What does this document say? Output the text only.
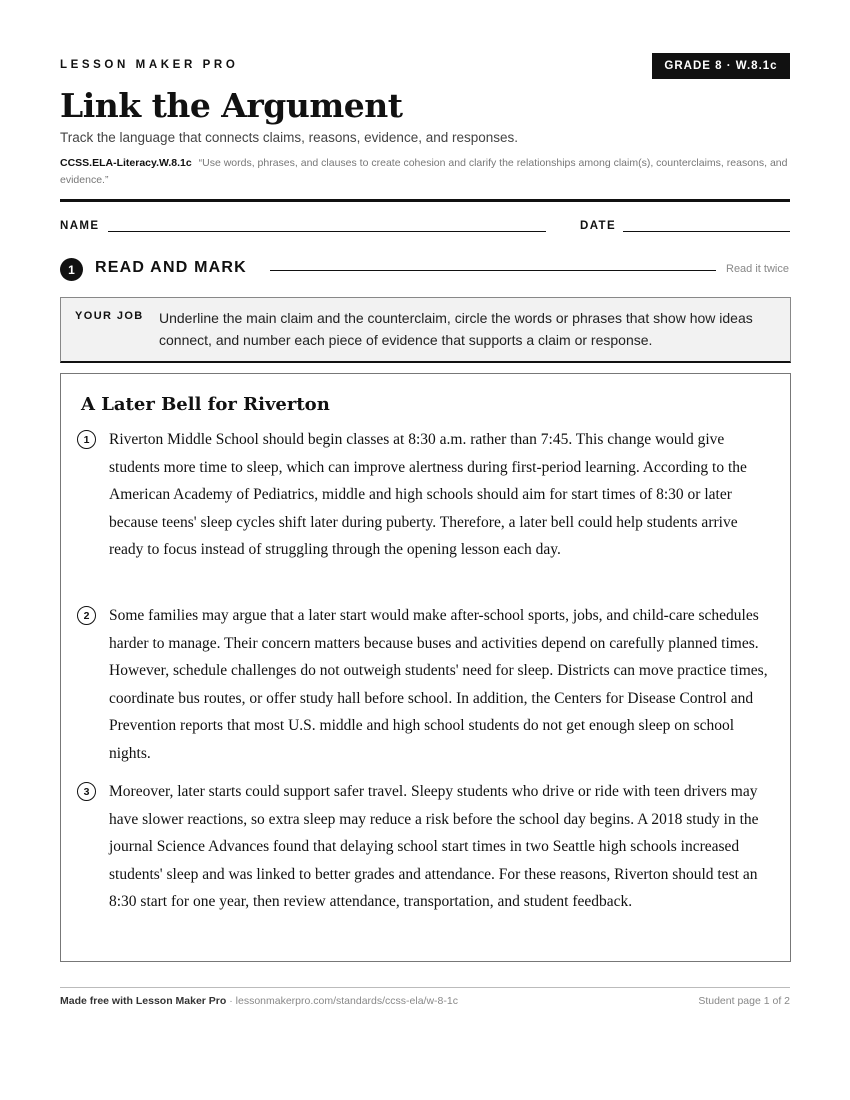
LESSON MAKER PRO	GRADE 8 · W.8.1c
Link the Argument
Track the language that connects claims, reasons, evidence, and responses.
CCSS.ELA-Literacy.W.8.1c “Use words, phrases, and clauses to create cohesion and clarify the relationships among claim(s), counterclaims, reasons, and evidence.”
NAME	DATE
1	READ AND MARK	Read it twice
YOUR JOB Underline the main claim and the counterclaim, circle the words or phrases that show how ideas connect, and number each piece of evidence that supports a claim or response.
A Later Bell for Riverton
1	Riverton Middle School should begin classes at 8:30 a.m. rather than 7:45. This change would give students more time to sleep, which can improve alertness during first-period learning. According to the American Academy of Pediatrics, middle and high schools should aim for start times of 8:30 or later because teens' sleep cycles shift later during puberty. Therefore, a later bell could help students arrive ready to focus instead of struggling through the opening lesson each day.

2	Some families may argue that a later start would make after-school sports, jobs, and child-care schedules harder to manage. Their concern matters because buses and activities depend on carefully planned times. However, schedule challenges do not outweigh students' need for sleep. Districts can move practice times, coordinate bus routes, or offer study hall before school. In addition, the Centers for Disease Control and Prevention reports that most U.S. middle and high school students do not get enough sleep on school nights.

3	Moreover, later starts could support safer travel. Sleepy students who drive or ride with teen drivers may have slower reactions, so extra sleep may reduce a risk before the school day begins. A 2018 study in the journal Science Advances found that delaying school start times in two Seattle high schools increased students' sleep and was linked to better grades and attendance. For these reasons, Riverton should test an 8:30 start for one year, then review attendance, transportation, and student feedback.

Made free with Lesson Maker Pro · lessonmakerpro.com/standards/ccss-ela/w-8-1c	Student page 1 of 2
